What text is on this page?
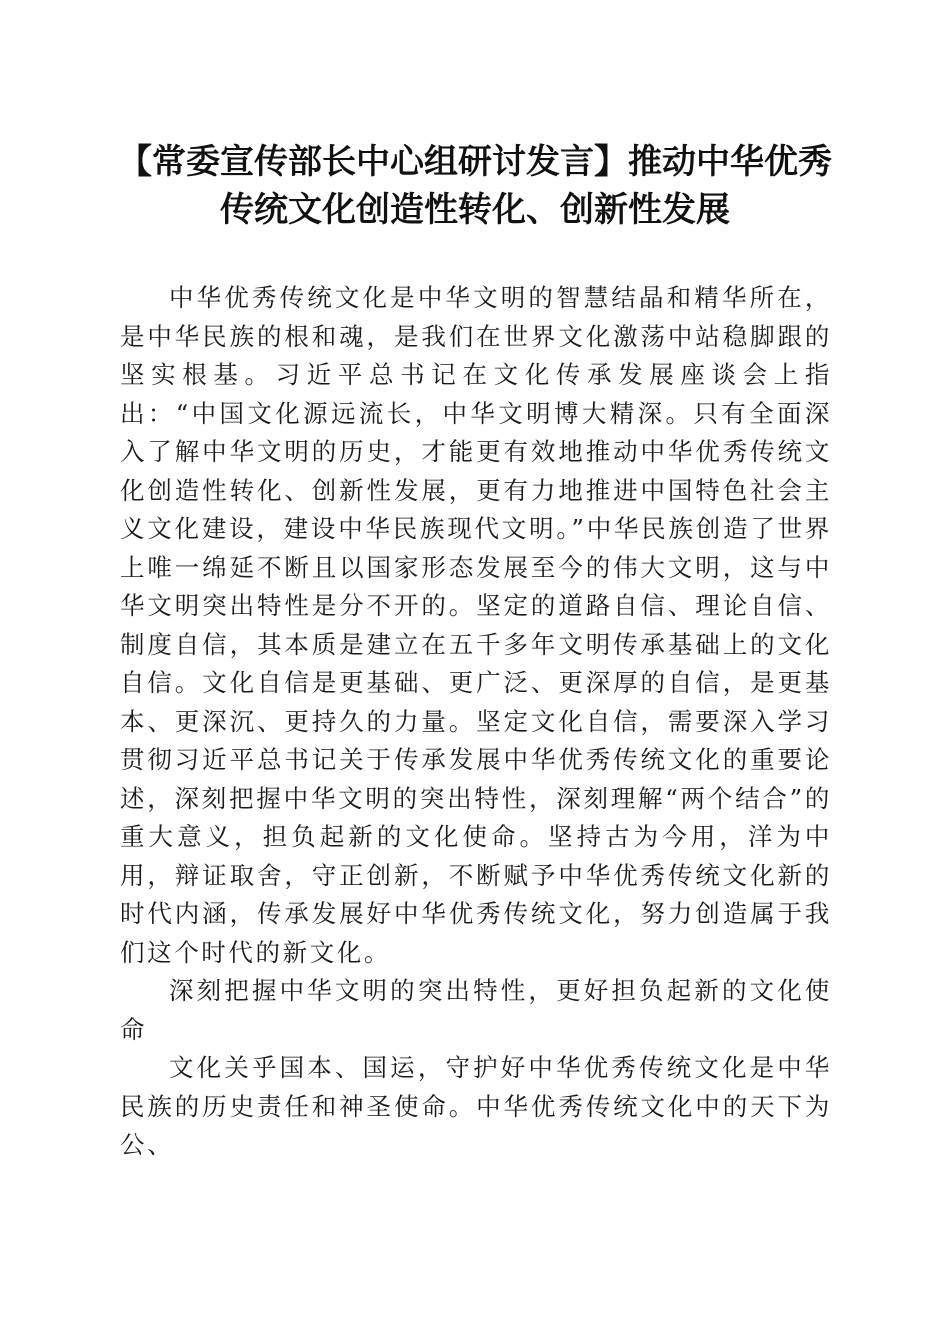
【常委宣传部长中心组研讨发言】推动中华优秀传统文化创造性转化、创新性发展

中华优秀传统文化是中华文明的智慧结晶和精华所在，是中华民族的根和魂，是我们在世界文化激荡中站稳脚跟的坚实根基。习近平总书记在文化传承发展座谈会上指出：“中国文化源远流长，中华文明博大精深。只有全面深入了解中华文明的历史，才能更有效地推动中华优秀传统文化创造性转化、创新性发展，更有力地推进中国特色社会主义文化建设，建设中华民族现代文明。”中华民族创造了世界上唯一绵延不断且以国家形态发展至今的伟大文明，这与中华文明突出特性是分不开的。坚定的道路自信、理论自信、制度自信，其本质是建立在五千多年文明传承基础上的文化自信。文化自信是更基础、更广泛、更深厚的自信，是更基本、更深沉、更持久的力量。坚定文化自信，需要深入学习贯彻习近平总书记关于传承发展中华优秀传统文化的重要论述，深刻把握中华文明的突出特性，深刻理解“两个结合”的重大意义，担负起新的文化使命。坚持古为今用，洋为中用，辩证取舍，守正创新，不断赋予中华优秀传统文化新的时代内涵，传承发展好中华优秀传统文化，努力创造属于我们这个时代的新文化。

深刻把握中华文明的突出特性，更好担负起新的文化使命

文化关乎国本、国运，守护好中华优秀传统文化是中华民族的历史责任和神圣使命。中华优秀传统文化中的天下为公、
